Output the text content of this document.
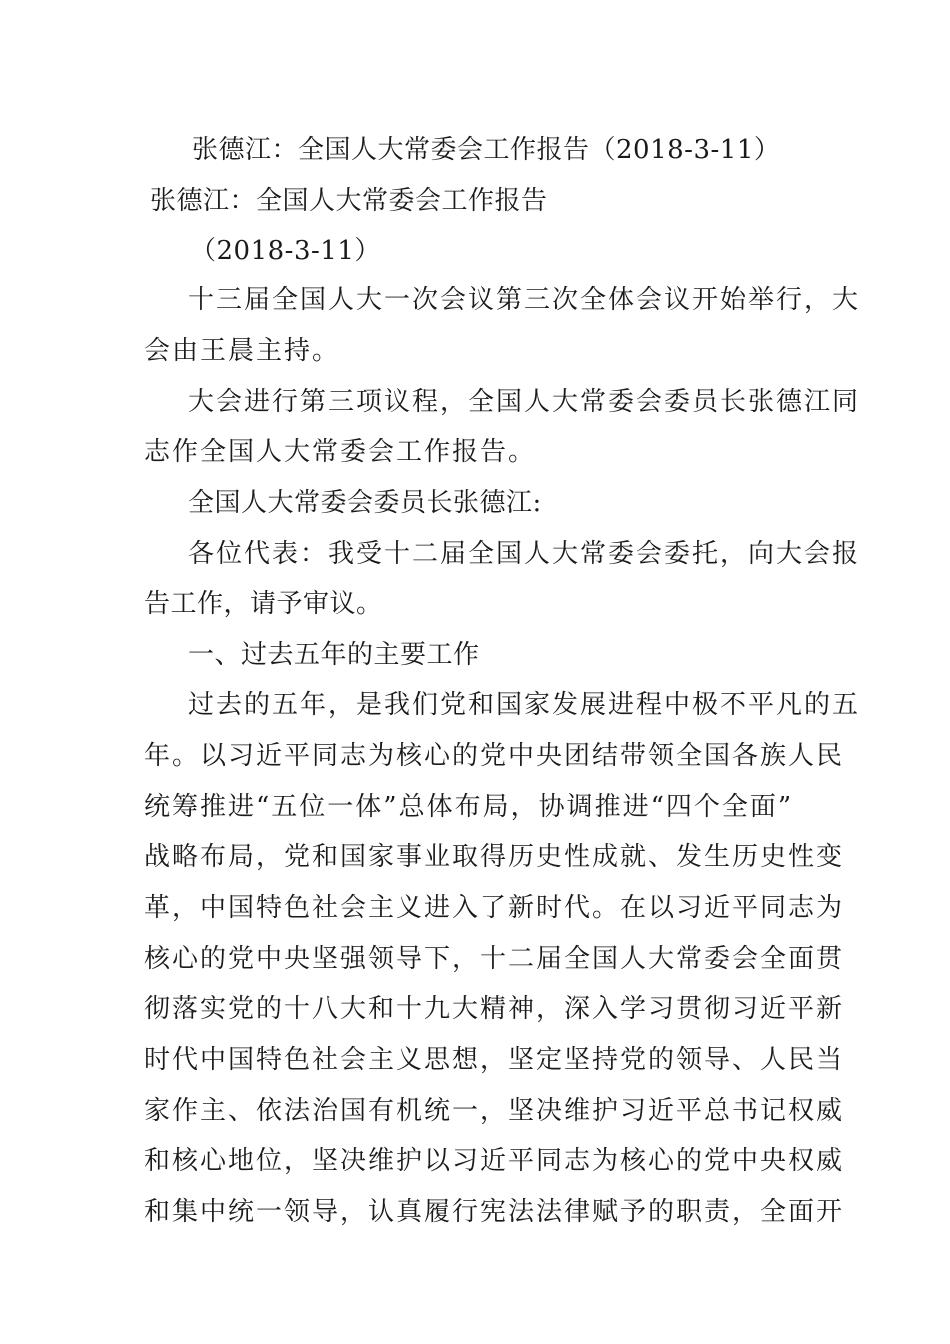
张德江：全国人大常委会工作报告（2018-3-11）
张德江：全国人大常委会工作报告
（2018-3-11）
十三届全国人大一次会议第三次全体会议开始举行，大
会由王晨主持。
大会进行第三项议程，全国人大常委会委员长张德江同
志作全国人大常委会工作报告。
全国人大常委会委员长张德江:
各位代表：我受十二届全国人大常委会委托，向大会报
告工作，请予审议。
一、过去五年的主要工作
过去的五年，是我们党和国家发展进程中极不平凡的五
年。以习近平同志为核心的党中央团结带领全国各族人民
统筹推进“五位一体”总体布局，协调推进“四个全面”
战略布局，党和国家事业取得历史性成就、发生历史性变
革，中国特色社会主义进入了新时代。在以习近平同志为
核心的党中央坚强领导下，十二届全国人大常委会全面贯
彻落实党的十八大和十九大精神，深入学习贯彻习近平新
时代中国特色社会主义思想，坚定坚持党的领导、人民当
家作主、依法治国有机统一，坚决维护习近平总书记权威
和核心地位，坚决维护以习近平同志为核心的党中央权威
和集中统一领导，认真履行宪法法律赋予的职责，全面开
